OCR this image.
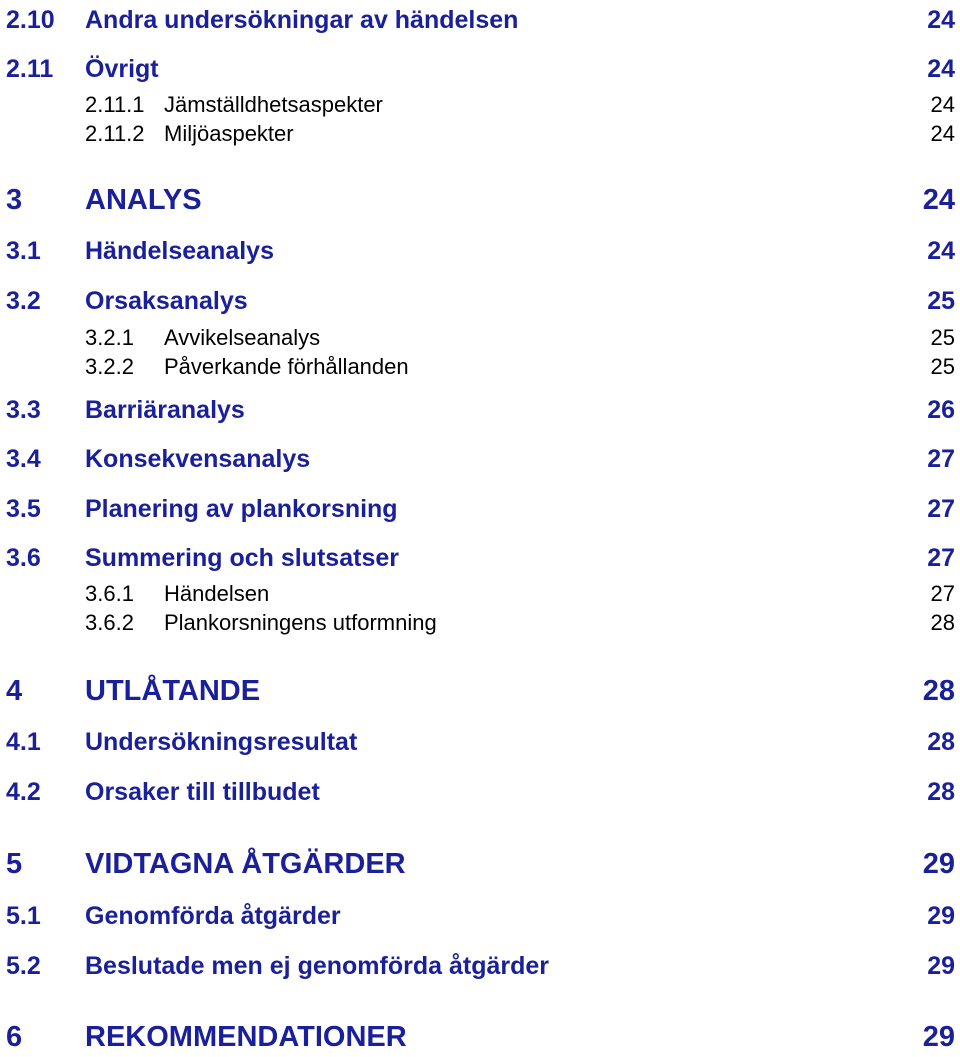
2.10 Andra undersökningar av händelsen	24
2.11 Övrigt	24
2.11.1 Jämställdhetsaspekter	24
2.11.2 Miljöaspekter	24
3 ANALYS	24
3.1 Händelseanalys	24
3.2 Orsaksanalys	25
3.2.1 Avvikelseanalys	25
3.2.2 Påverkande förhållanden	25
3.3 Barriäranalys	26
3.4 Konsekvensanalys	27
3.5 Planering av plankorsning	27
3.6 Summering och slutsatser	27
3.6.1 Händelsen	27
3.6.2 Plankorsningens utformning	28
4 UTLÅTANDE	28
4.1 Undersökningsresultat	28
4.2 Orsaker till tillbudet	28
5 VIDTAGNA ÅTGÄRDER	29
5.1 Genomförda åtgärder	29
5.2 Beslutade men ej genomförda åtgärder	29
6 REKOMMENDATIONER	29
